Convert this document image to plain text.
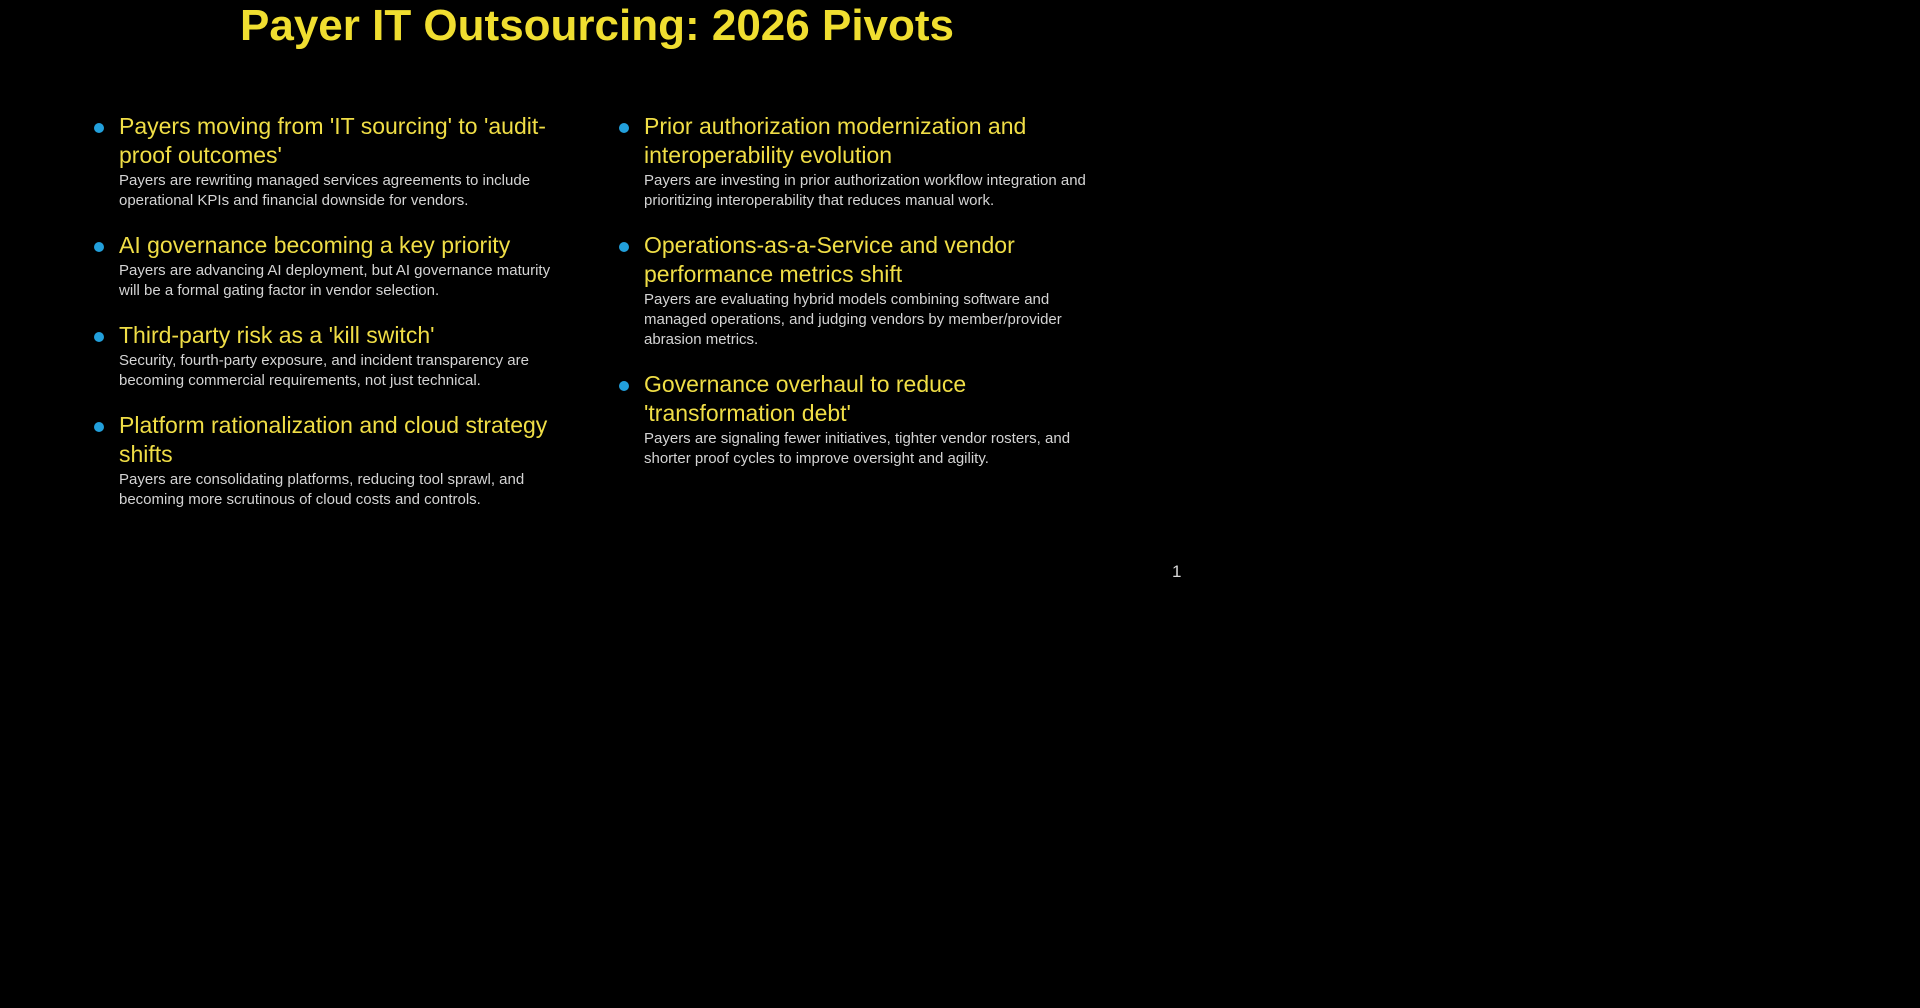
Payer IT Outsourcing: 2026 Pivots

Payers moving from 'IT sourcing' to 'audit-proof outcomes'

Payers are rewriting managed services agreements to include operational KPIs and financial downside for vendors.

AI governance becoming a key priority

Payers are advancing AI deployment, but AI governance maturity will be a formal gating factor in vendor selection.

Third-party risk as a 'kill switch'

Security, fourth-party exposure, and incident transparency are becoming commercial requirements, not just technical.

Platform rationalization and cloud strategy shifts

Payers are consolidating platforms, reducing tool sprawl, and becoming more scrutinous of cloud costs and controls.

Prior authorization modernization and interoperability evolution

Payers are investing in prior authorization workflow integration and prioritizing interoperability that reduces manual work.

Operations-as-a-Service and vendor performance metrics shift

Payers are evaluating hybrid models combining software and managed operations, and judging vendors by member/provider abrasion metrics.

Governance overhaul to reduce 'transformation debt'

Payers are signaling fewer initiatives, tighter vendor rosters, and shorter proof cycles to improve oversight and agility.

1
